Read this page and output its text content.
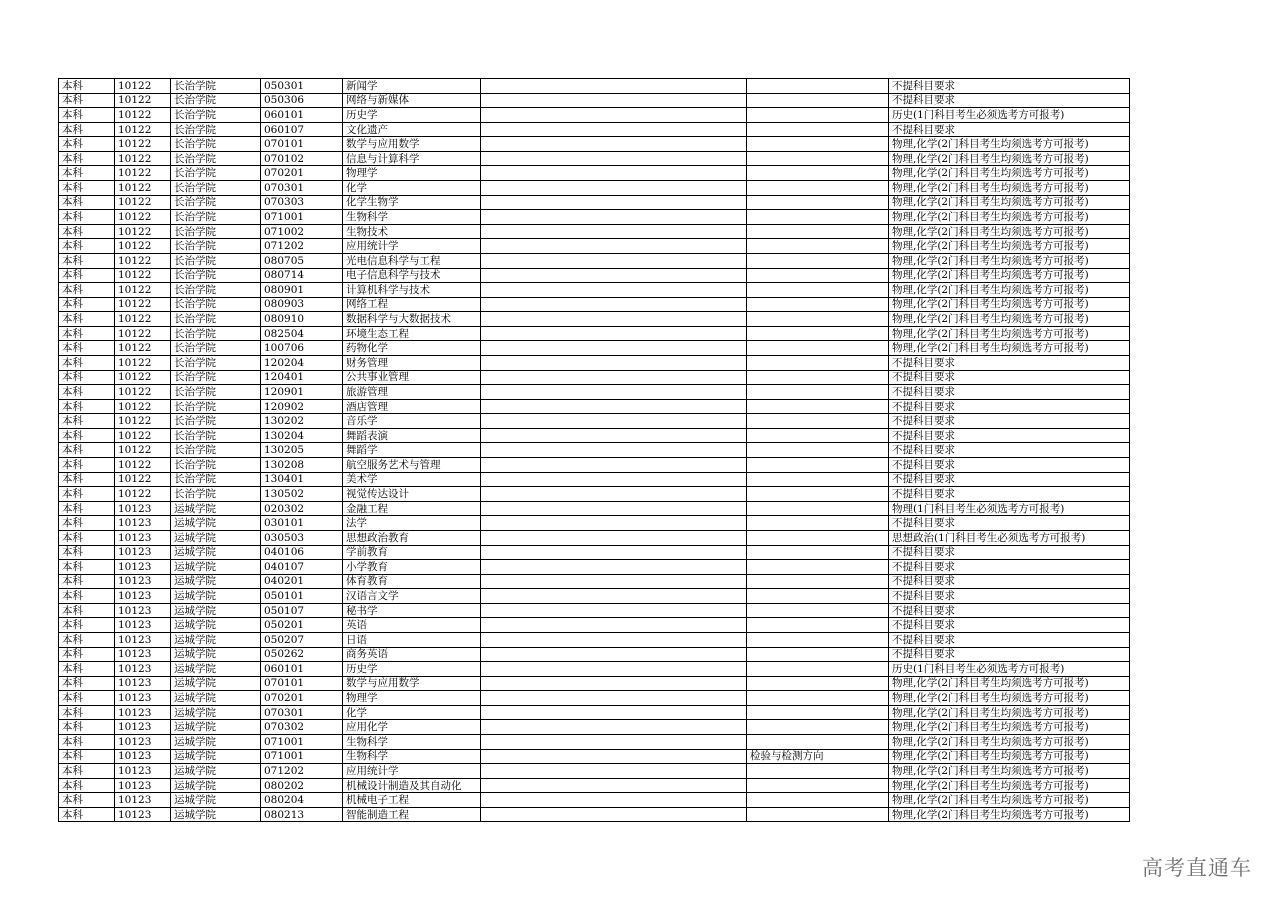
本科	10122	长治学院	050301	新闻学			不提科目要求
本科	10122	长治学院	050306	网络与新媒体			不提科目要求
本科	10122	长治学院	060101	历史学			历史(1门科目考生必须选考方可报考)
本科	10122	长治学院	060107	文化遗产			不提科目要求
本科	10122	长治学院	070101	数学与应用数学			物理,化学(2门科目考生均须选考方可报考)
本科	10122	长治学院	070102	信息与计算科学			物理,化学(2门科目考生均须选考方可报考)
本科	10122	长治学院	070201	物理学			物理,化学(2门科目考生均须选考方可报考)
本科	10122	长治学院	070301	化学			物理,化学(2门科目考生均须选考方可报考)
本科	10122	长治学院	070303	化学生物学			物理,化学(2门科目考生均须选考方可报考)
本科	10122	长治学院	071001	生物科学			物理,化学(2门科目考生均须选考方可报考)
本科	10122	长治学院	071002	生物技术			物理,化学(2门科目考生均须选考方可报考)
本科	10122	长治学院	071202	应用统计学			物理,化学(2门科目考生均须选考方可报考)
本科	10122	长治学院	080705	光电信息科学与工程			物理,化学(2门科目考生均须选考方可报考)
本科	10122	长治学院	080714	电子信息科学与技术			物理,化学(2门科目考生均须选考方可报考)
本科	10122	长治学院	080901	计算机科学与技术			物理,化学(2门科目考生均须选考方可报考)
本科	10122	长治学院	080903	网络工程			物理,化学(2门科目考生均须选考方可报考)
本科	10122	长治学院	080910	数据科学与大数据技术			物理,化学(2门科目考生均须选考方可报考)
本科	10122	长治学院	082504	环境生态工程			物理,化学(2门科目考生均须选考方可报考)
本科	10122	长治学院	100706	药物化学			物理,化学(2门科目考生均须选考方可报考)
本科	10122	长治学院	120204	财务管理			不提科目要求
本科	10122	长治学院	120401	公共事业管理			不提科目要求
本科	10122	长治学院	120901	旅游管理			不提科目要求
本科	10122	长治学院	120902	酒店管理			不提科目要求
本科	10122	长治学院	130202	音乐学			不提科目要求
本科	10122	长治学院	130204	舞蹈表演			不提科目要求
本科	10122	长治学院	130205	舞蹈学			不提科目要求
本科	10122	长治学院	130208	航空服务艺术与管理			不提科目要求
本科	10122	长治学院	130401	美术学			不提科目要求
本科	10122	长治学院	130502	视觉传达设计			不提科目要求
本科	10123	运城学院	020302	金融工程			物理(1门科目考生必须选考方可报考)
本科	10123	运城学院	030101	法学			不提科目要求
本科	10123	运城学院	030503	思想政治教育			思想政治(1门科目考生必须选考方可报考)
本科	10123	运城学院	040106	学前教育			不提科目要求
本科	10123	运城学院	040107	小学教育			不提科目要求
本科	10123	运城学院	040201	体育教育			不提科目要求
本科	10123	运城学院	050101	汉语言文学			不提科目要求
本科	10123	运城学院	050107	秘书学			不提科目要求
本科	10123	运城学院	050201	英语			不提科目要求
本科	10123	运城学院	050207	日语			不提科目要求
本科	10123	运城学院	050262	商务英语			不提科目要求
本科	10123	运城学院	060101	历史学			历史(1门科目考生必须选考方可报考)
本科	10123	运城学院	070101	数学与应用数学			物理,化学(2门科目考生均须选考方可报考)
本科	10123	运城学院	070201	物理学			物理,化学(2门科目考生均须选考方可报考)
本科	10123	运城学院	070301	化学			物理,化学(2门科目考生均须选考方可报考)
本科	10123	运城学院	070302	应用化学			物理,化学(2门科目考生均须选考方可报考)
本科	10123	运城学院	071001	生物科学			物理,化学(2门科目考生均须选考方可报考)
本科	10123	运城学院	071001	生物科学		检验与检测方向	物理,化学(2门科目考生均须选考方可报考)
本科	10123	运城学院	071202	应用统计学			物理,化学(2门科目考生均须选考方可报考)
本科	10123	运城学院	080202	机械设计制造及其自动化			物理,化学(2门科目考生均须选考方可报考)
本科	10123	运城学院	080204	机械电子工程			物理,化学(2门科目考生均须选考方可报考)
本科	10123	运城学院	080213	智能制造工程			物理,化学(2门科目考生均须选考方可报考)
高考直通车
